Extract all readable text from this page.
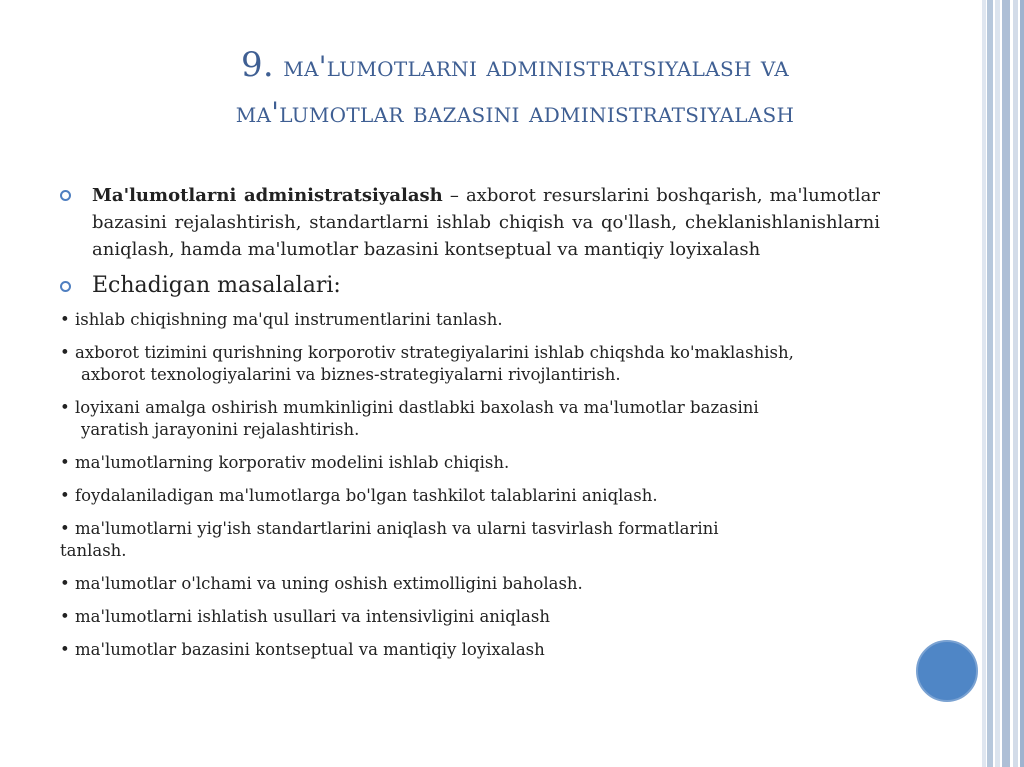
9. ma'lumotlarni administratsiyalash va
ma'lumotlar bazasini administratsiyalash
Ma'lumotlarni administratsiyalash – axborot resurslarini boshqarish, ma'lumotlar bazasini rejalashtirish, standartlarni ishlab chiqish va qo'llash, cheklanishlanishlarni aniqlash, hamda ma'lumotlar bazasini kontseptual va mantiqiy loyixalash
Echadigan masalalari:
• ishlab chiqishning ma'qul instrumentlarini tanlash.
• axborot tizimini qurishning korporotiv strategiyalarini ishlab chiqshda ko'maklashish,
axborot texnologiyalarini va biznes-strategiyalarni rivojlantirish.
• loyixani amalga oshirish mumkinligini dastlabki baxolash va ma'lumotlar bazasini
yaratish jarayonini rejalashtirish.
• ma'lumotlarning korporativ modelini ishlab chiqish.
• foydalaniladigan ma'lumotlarga bo'lgan tashkilot talablarini aniqlash.
• ma'lumotlarni yig'ish standartlarini aniqlash va ularni tasvirlash formatlarini
tanlash.
• ma'lumotlar o'lchami va uning oshish extimolligini baholash.
• ma'lumotlarni ishlatish usullari va intensivligini aniqlash
• ma'lumotlar bazasini kontseptual va mantiqiy loyixalash
